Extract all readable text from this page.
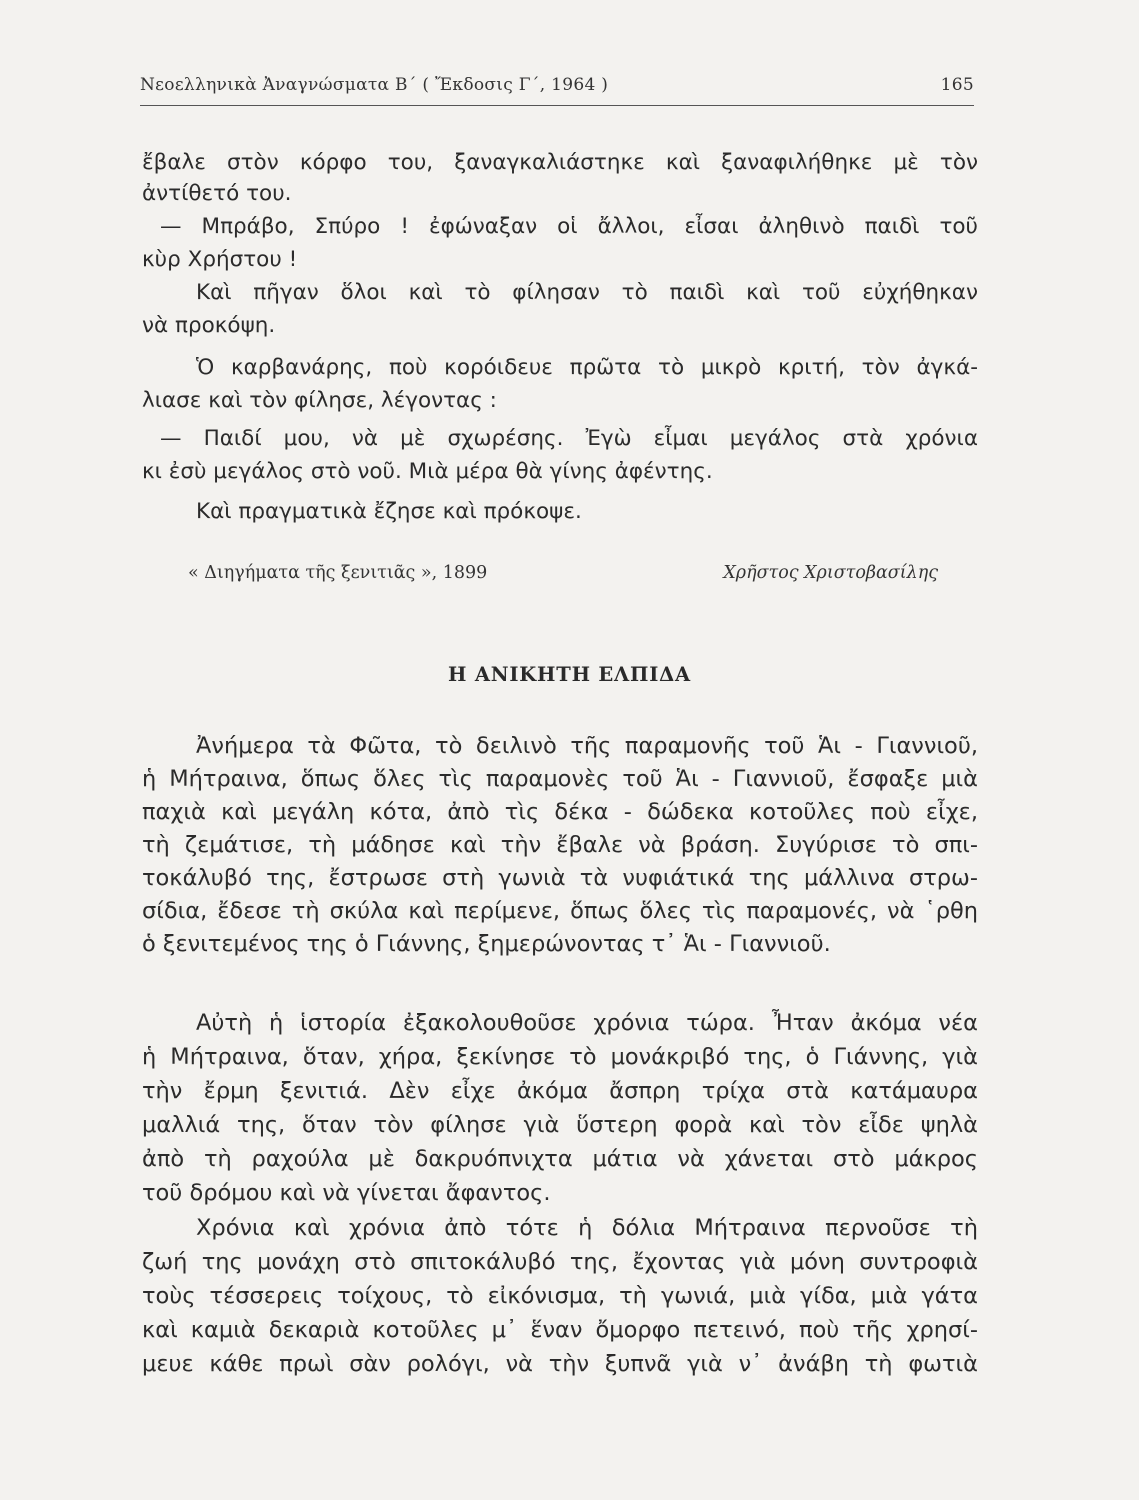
Νεοελληνικὰ Ἀναγνώσματα Β΄ ( Ἔκδοσις Γ΄, 1964 )	165
ἔβαλε στὸν κόρφο του, ξαναγκαλιάστηκε καὶ ξαναφιλήθηκε μὲ τὸν
ἀντίθετό του.
— Μπράβο, Σπύρο ! ἐφώναξαν οἱ ἄλλοι, εἶσαι ἀληθινὸ παιδὶ τοῦ
κὺρ Χρήστου !
Καὶ πῆγαν ὅλοι καὶ τὸ φίλησαν τὸ παιδὶ καὶ τοῦ εὐχήθηκαν
νὰ προκόψη.
Ὁ καρβανάρης, ποὺ κορόιδευε πρῶτα τὸ μικρὸ κριτή, τὸν ἀγκά-
λιασε καὶ τὸν φίλησε, λέγοντας :
— Παιδί μου, νὰ μὲ σχωρέσης. Ἐγὼ εἶμαι μεγάλος στὰ χρόνια
κι ἐσὺ μεγάλος στὸ νοῦ. Μιὰ μέρα θὰ γίνης ἀφέντης.
Καὶ πραγματικὰ ἔζησε καὶ πρόκοψε.
« Διηγήματα τῆς ξενιτιᾶς », 1899	Χρῆστος Χριστοβασίλης
Η ΑΝΙΚΗΤΗ ΕΛΠΙΔΑ
Ἀνήμερα τὰ Φῶτα, τὸ δειλινὸ τῆς παραμονῆς τοῦ Ἁι - Γιαννιοῦ,
ἡ Μήτραινα, ὅπως ὅλες τὶς παραμονὲς τοῦ Ἁι - Γιαννιοῦ, ἔσφαξε μιὰ
παχιὰ καὶ μεγάλη κότα, ἀπὸ τὶς δέκα - δώδεκα κοτοῦλες ποὺ εἶχε,
τὴ ζεμάτισε, τὴ μάδησε καὶ τὴν ἔβαλε νὰ βράση. Συγύρισε τὸ σπι-
τοκάλυβό της, ἔστρωσε στὴ γωνιὰ τὰ νυφιάτικά της μάλλινα στρω-
σίδια, ἔδεσε τὴ σκύλα καὶ περίμενε, ὅπως ὅλες τὶς παραμονές, νὰ ῾ρθη
ὁ ξενιτεμένος της ὁ Γιάννης, ξημερώνοντας τ᾿ Ἁι - Γιαννιοῦ.
Αὐτὴ ἡ ἱστορία ἐξακολουθοῦσε χρόνια τώρα. Ἦταν ἀκόμα νέα
ἡ Μήτραινα, ὅταν, χήρα, ξεκίνησε τὸ μονάκριβό της, ὁ Γιάννης, γιὰ
τὴν ἔρμη ξενιτιά. Δὲν εἶχε ἀκόμα ἄσπρη τρίχα στὰ κατάμαυρα
μαλλιά της, ὅταν τὸν φίλησε γιὰ ὕστερη φορὰ καὶ τὸν εἶδε ψηλὰ
ἀπὸ τὴ ραχούλα μὲ δακρυόπνιχτα μάτια νὰ χάνεται στὸ μάκρος
τοῦ δρόμου καὶ νὰ γίνεται ἄφαντος.
Χρόνια καὶ χρόνια ἀπὸ τότε ἡ δόλια Μήτραινα περνοῦσε τὴ
ζωή της μονάχη στὸ σπιτοκάλυβό της, ἔχοντας γιὰ μόνη συντροφιὰ
τοὺς τέσσερεις τοίχους, τὸ εἰκόνισμα, τὴ γωνιά, μιὰ γίδα, μιὰ γάτα
καὶ καμιὰ δεκαριὰ κοτοῦλες μ᾿ ἕναν ὄμορφο πετεινό, ποὺ τῆς χρησί-
μευε κάθε πρωὶ σὰν ρολόγι, νὰ τὴν ξυπνᾶ γιὰ ν᾿ ἀνάβη τὴ φωτιὰ
